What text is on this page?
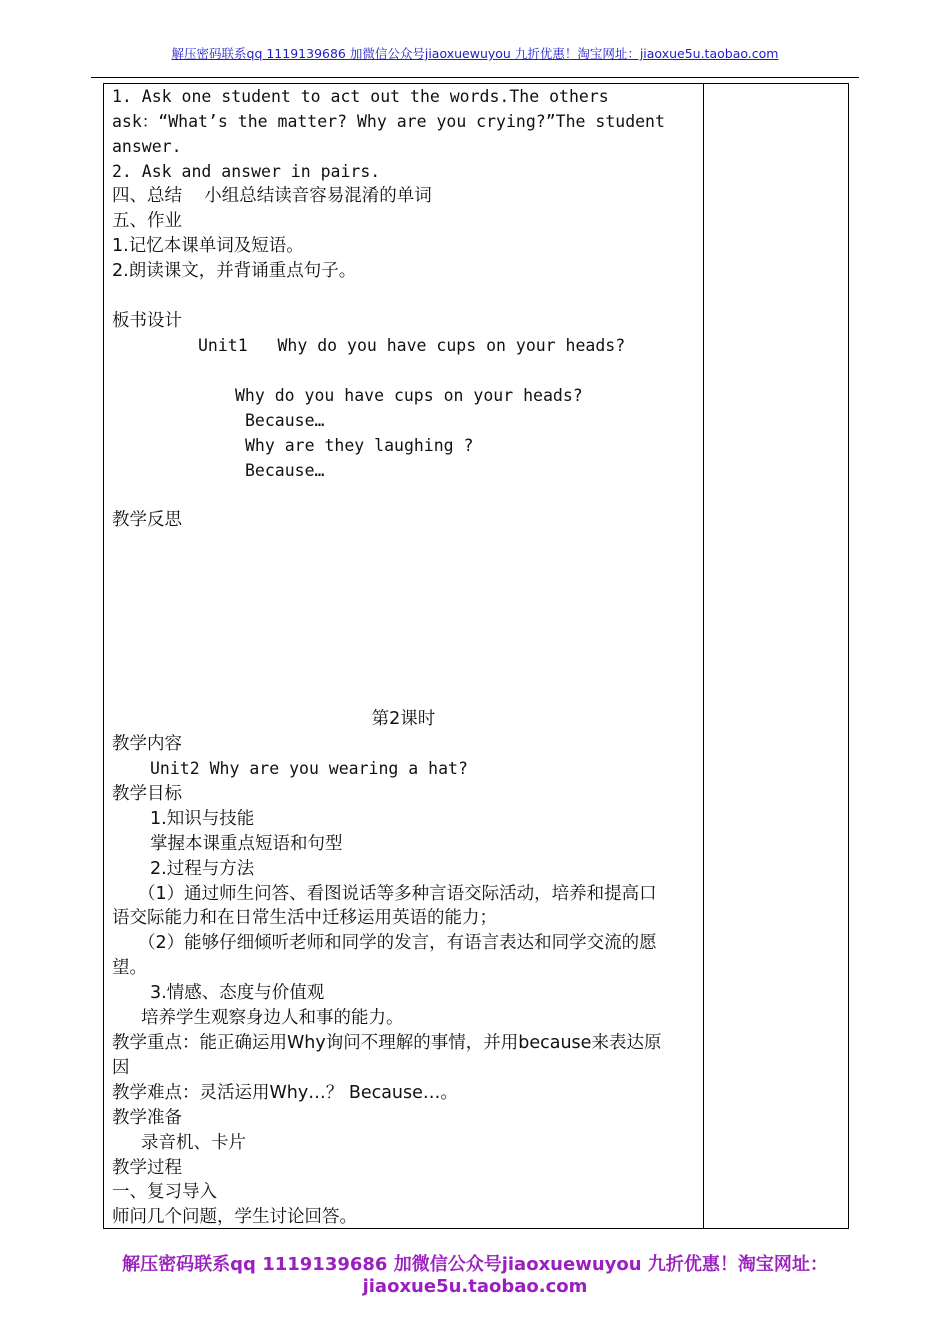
解压密码联系qq 1119139686 加微信公众号jiaoxuewuyou 九折优惠！淘宝网址：jiaoxue5u.taobao.com

1. Ask one student to act out the words.The others

ask：“What’s the matter? Why are you crying?”The student

answer.

2. Ask and answer in pairs.

四、总结    小组总结读音容易混淆的单词

五、作业

1.记忆本课单词及短语。

2.朗读课文，并背诵重点句子。

板书设计

Unit1   Why do you have cups on your heads?

Why do you have cups on your heads?

Because…

Why are they laughing ?

Because…

教学反思

第2课时

教学内容

Unit2 Why are you wearing a hat?

教学目标

1.知识与技能

掌握本课重点短语和句型

2.过程与方法

（1）通过师生问答、看图说话等多种言语交际活动，培养和提高口

语交际能力和在日常生活中迁移运用英语的能力；

（2）能够仔细倾听老师和同学的发言，有语言表达和同学交流的愿

望。

3.情感、态度与价值观

培养学生观察身边人和事的能力。

教学重点：能正确运用Why询问不理解的事情，并用because来表达原

因

教学难点：灵活运用Why…？ Because…。

教学准备

录音机、卡片

教学过程

一、复习导入

师问几个问题，学生讨论回答。

解压密码联系qq 1119139686 加微信公众号jiaoxuewuyou 九折优惠！淘宝网址：
jiaoxue5u.taobao.com
